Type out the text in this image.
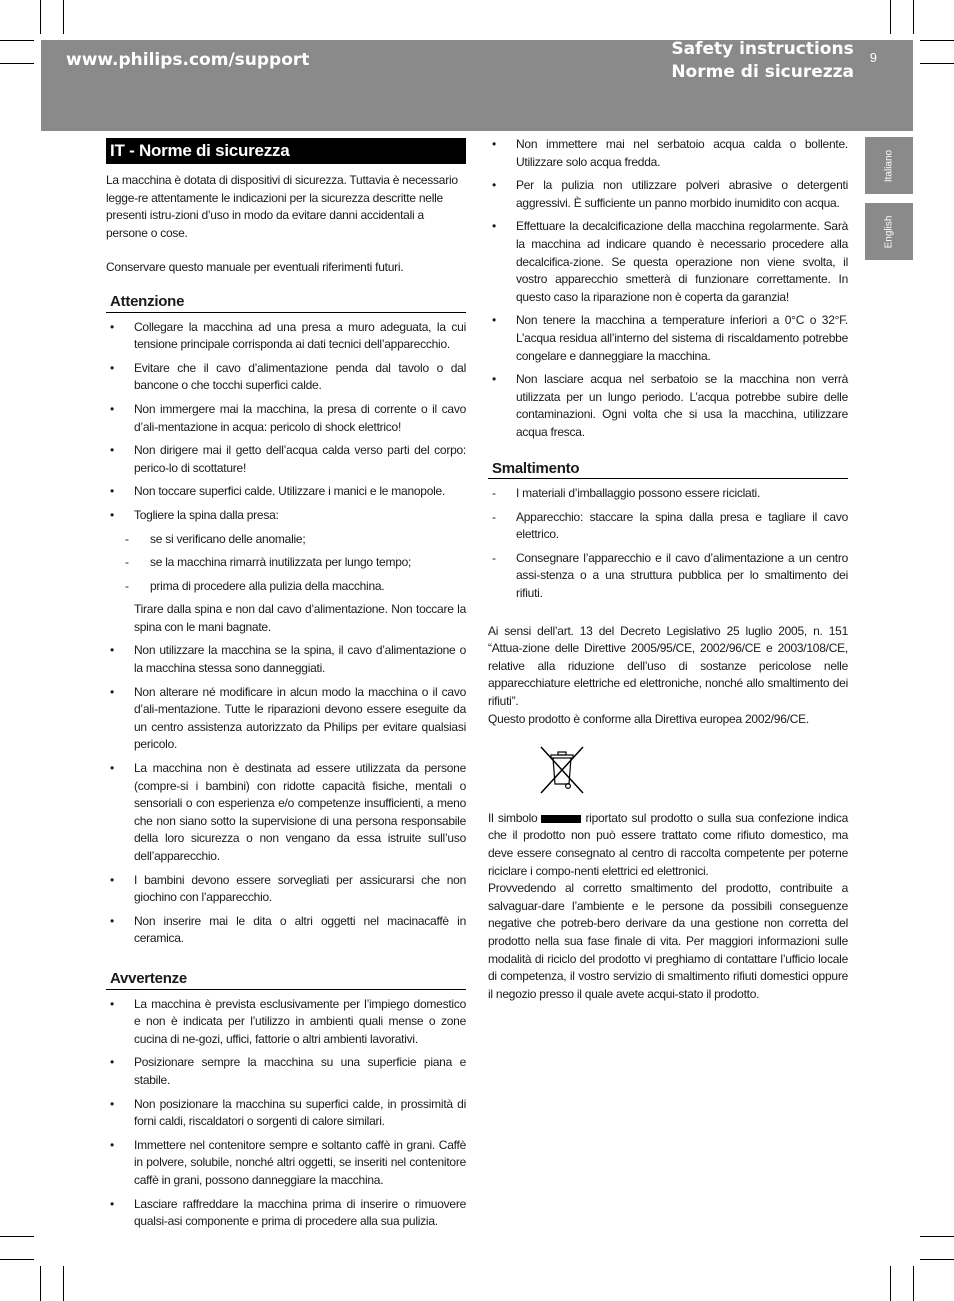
www.philips.com/support
Safety instructions
Norme di sicurezza
9
Italiano
English
IT - Norme di sicurezza

La macchina è dotata di dispositivi di sicurezza. Tuttavia è necessario legge-re attentamente le indicazioni per la sicurezza descritte nelle presenti istru-zioni d’uso in modo da evitare danni accidentali a persone o cose.

Conservare questo manuale per eventuali riferimenti futuri.

Attenzione
• Collegare la macchina ad una presa a muro adeguata, la cui tensione principale corrisponda ai dati tecnici dell’apparecchio.
• Evitare che il cavo d’alimentazione penda dal tavolo o dal bancone o che tocchi superfici calde.
• Non immergere mai la macchina, la presa di corrente o il cavo d’ali-mentazione in acqua: pericolo di shock elettrico!
• Non dirigere mai il getto dell’acqua calda verso parti del corpo: perico-lo di scottature!
• Non toccare superfici calde. Utilizzare i manici e le manopole.
• Togliere la spina dalla presa:
- se si verificano delle anomalie;
- se la macchina rimarrà inutilizzata per lungo tempo;
- prima di procedere alla pulizia della macchina.
Tirare dalla spina e non dal cavo d’alimentazione. Non toccare la spina con le mani bagnate.
• Non utilizzare la macchina se la spina, il cavo d’alimentazione o la macchina stessa sono danneggiati.
• Non alterare né modificare in alcun modo la macchina o il cavo d’ali-mentazione. Tutte le riparazioni devono essere eseguite da un centro assistenza autorizzato da Philips per evitare qualsiasi pericolo.
• La macchina non è destinata ad essere utilizzata da persone (compre-si i bambini) con ridotte capacità fisiche, mentali o sensoriali o con esperienza e/o competenze insufficienti, a meno che non siano sotto la supervisione di una persona responsabile della loro sicurezza o non vengano da essa istruite sull’uso dell’apparecchio.
• I bambini devono essere sorvegliati per assicurarsi che non giochino con l’apparecchio.
• Non inserire mai le dita o altri oggetti nel macinacaffè in ceramica.
Avvertenze
• La macchina è prevista esclusivamente per l’impiego domestico e non è indicata per l’utilizzo in ambienti quali mense o zone cucina di ne-gozi, uffici, fattorie o altri ambienti lavorativi.
• Posizionare sempre la macchina su una superficie piana e stabile.
• Non posizionare la macchina su superfici calde, in prossimità di forni caldi, riscaldatori o sorgenti di calore similari.
• Immettere nel contenitore sempre e soltanto caffè in grani. Caffè in polvere, solubile, nonché altri oggetti, se inseriti nel contenitore caffè in grani, possono danneggiare la macchina.
• Lasciare raffreddare la macchina prima di inserire o rimuovere qualsi-asi componente e prima di procedere alla sua pulizia.
• Non immettere mai nel serbatoio acqua calda o bollente. Utilizzare solo acqua fredda.
• Per la pulizia non utilizzare polveri abrasive o detergenti aggressivi. È sufficiente un panno morbido inumidito con acqua.
• Effettuare la decalcificazione della macchina regolarmente. Sarà la macchina ad indicare quando è necessario procedere alla decalcifica-zione. Se questa operazione non viene svolta, il vostro apparecchio smetterà di funzionare correttamente. In questo caso la riparazione non è coperta da garanzia!
• Non tenere la macchina a temperature inferiori a 0°C o 32°F. L’acqua residua all’interno del sistema di riscaldamento potrebbe congelare e danneggiare la macchina.
• Non lasciare acqua nel serbatoio se la macchina non verrà utilizzata per un lungo periodo. L’acqua potrebbe subire delle contaminazioni. Ogni volta che si usa la macchina, utilizzare acqua fresca.
Smaltimento
- I materiali d’imballaggio possono essere riciclati.
- Apparecchio: staccare la spina dalla presa e tagliare il cavo elettrico.
- Consegnare l’apparecchio e il cavo d’alimentazione a un centro assi-stenza o a una struttura pubblica per lo smaltimento dei rifiuti.

Ai sensi dell’art. 13 del Decreto Legislativo 25 luglio 2005, n. 151 “Attua-zione delle Direttive 2005/95/CE, 2002/96/CE e 2003/108/CE, relative alla riduzione dell’uso di sostanze pericolose nelle apparecchiature elettriche ed elettroniche, nonché allo smaltimento dei rifiuti”.

Questo prodotto è conforme alla Direttiva europea 2002/96/CE.

Il simbolo	riportato sul prodotto o sulla sua confezione indica che il prodotto non può essere trattato come rifiuto domestico, ma deve essere consegnato al centro di raccolta competente per poterne riciclare i compo-nenti elettrici ed elettronici.

Provvedendo al corretto smaltimento del prodotto, contribuite a salvaguar-dare l’ambiente e le persone da possibili conseguenze negative che potreb-bero derivare da una gestione non corretta del prodotto nella sua fase finale di vita. Per maggiori informazioni sulle modalità di riciclo del prodotto vi preghiamo di contattare l’ufficio locale di competenza, il vostro servizio di smaltimento rifiuti domestici oppure il negozio presso il quale avete acqui-stato il prodotto.
